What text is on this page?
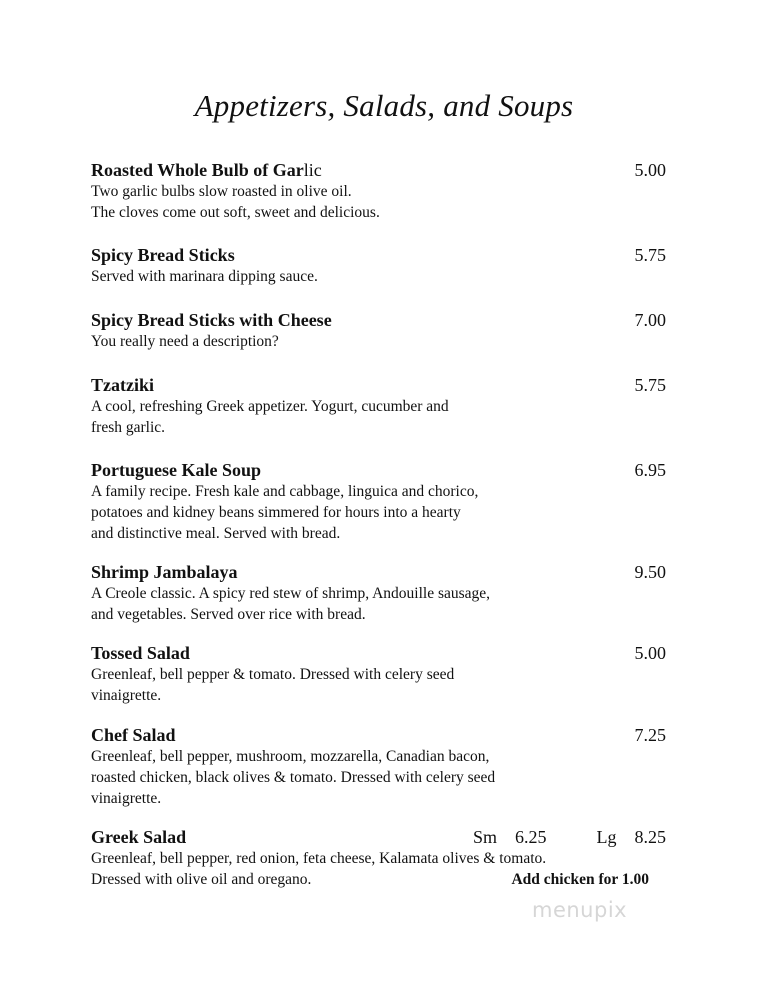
Appetizers, Salads, and Soups
Roasted Whole Bulb of Garlic	5.00
Two garlic bulbs slow roasted in olive oil.
The cloves come out soft, sweet and delicious.
Spicy Bread Sticks	5.75
Served with marinara dipping sauce.
Spicy Bread Sticks with Cheese	7.00
You really need a description?
Tzatziki	5.75
A cool, refreshing Greek appetizer. Yogurt, cucumber and
fresh garlic.
Portuguese Kale Soup	6.95
A family recipe. Fresh kale and cabbage, linguica and chorico,
potatoes and kidney beans simmered for hours into a hearty
and distinctive meal. Served with bread.
Shrimp Jambalaya	9.50
A Creole classic. A spicy red stew of shrimp, Andouille sausage,
and vegetables. Served over rice with bread.
Tossed Salad	5.00
Greenleaf, bell pepper & tomato. Dressed with celery seed
vinaigrette.
Chef Salad	7.25
Greenleaf, bell pepper, mushroom, mozzarella, Canadian bacon,
roasted chicken, black olives & tomato. Dressed with celery seed
vinaigrette.
Greek Salad	Sm 6.25	Lg 8.25
Greenleaf, bell pepper, red onion, feta cheese, Kalamata olives & tomato.
Dressed with olive oil and oregano.	Add chicken for 1.00
menupix
